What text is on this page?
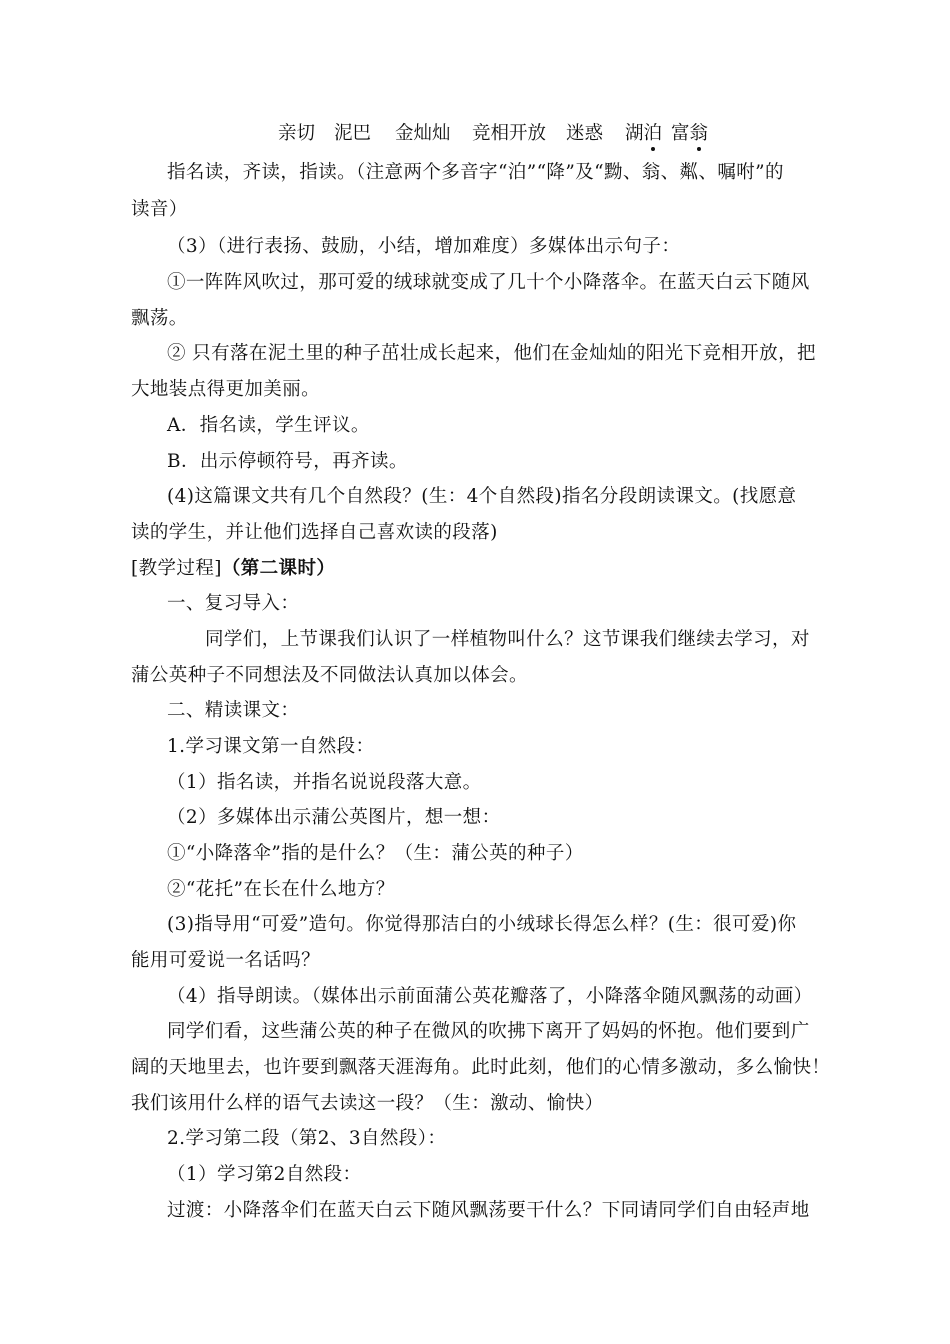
亲切 泥巴 金灿灿 竞相开放 迷惑 湖泊 富翁
指名读，齐读，指读。（注意两个多音字“泊”“降”及“黝、翁、粼、嘱咐”的
读音）
（3）（进行表扬、鼓励，小结，增加难度）多媒体出示句子：
①一阵阵风吹过，那可爱的绒球就变成了几十个小降落伞。在蓝天白云下随风
飘荡。
② 只有落在泥土里的种子茁壮成长起来，他们在金灿灿的阳光下竞相开放，把
大地装点得更加美丽。
A．指名读，学生评议。
B．出示停顿符号，再齐读。
(4)这篇课文共有几个自然段？(生：4个自然段)指名分段朗读课文。(找愿意
读的学生，并让他们选择自己喜欢读的段落)
[教学过程]（第二课时）
一、复习导入：
同学们，上节课我们认识了一样植物叫什么？这节课我们继续去学习，对
蒲公英种子不同想法及不同做法认真加以体会。
二、精读课文：
1.学习课文第一自然段：
（1）指名读，并指名说说段落大意。
（2）多媒体出示蒲公英图片，想一想：
①“小降落伞”指的是什么？（生：蒲公英的种子）
②“花托”在长在什么地方？
(3)指导用“可爱”造句。你觉得那洁白的小绒球长得怎么样？(生：很可爱)你
能用可爱说一名话吗？
（4）指导朗读。（媒体出示前面蒲公英花瓣落了，小降落伞随风飘荡的动画）
同学们看，这些蒲公英的种子在微风的吹拂下离开了妈妈的怀抱。他们要到广
阔的天地里去，也许要到飘落天涯海角。此时此刻，他们的心情多激动，多么愉快！
我们该用什么样的语气去读这一段？（生：激动、愉快）
2.学习第二段（第2、3自然段）：
（1）学习第2自然段：
过渡：小降落伞们在蓝天白云下随风飘荡要干什么？下同请同学们自由轻声地
